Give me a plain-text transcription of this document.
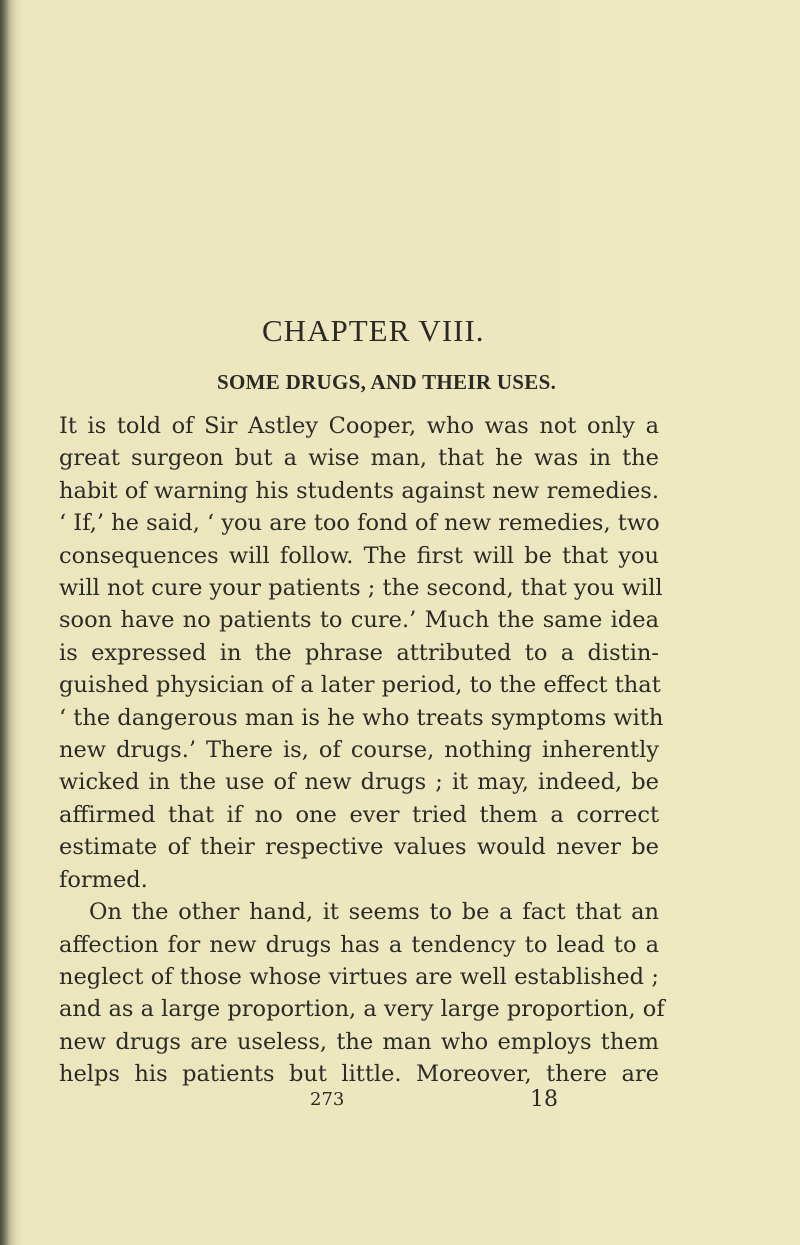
CHAPTER VIII.
SOME DRUGS, AND THEIR USES.
It is told of Sir Astley Cooper, who was not only a
great surgeon but a wise man, that he was in the
habit of warning his students against new remedies.
‘ If,’ he said, ‘ you are too fond of new remedies, two
consequences will follow. The first will be that you
will not cure your patients ; the second, that you will
soon have no patients to cure.’ Much the same idea
is expressed in the phrase attributed to a distin-
guished physician of a later period, to the effect that
‘ the dangerous man is he who treats symptoms with
new drugs.’ There is, of course, nothing inherently
wicked in the use of new drugs ; it may, indeed, be
affirmed that if no one ever tried them a correct
estimate of their respective values would never be
formed.
On the other hand, it seems to be a fact that an
affection for new drugs has a tendency to lead to a
neglect of those whose virtues are well established ;
and as a large proportion, a very large proportion, of
new drugs are useless, the man who employs them
helps his patients but little. Moreover, there are
273	18
